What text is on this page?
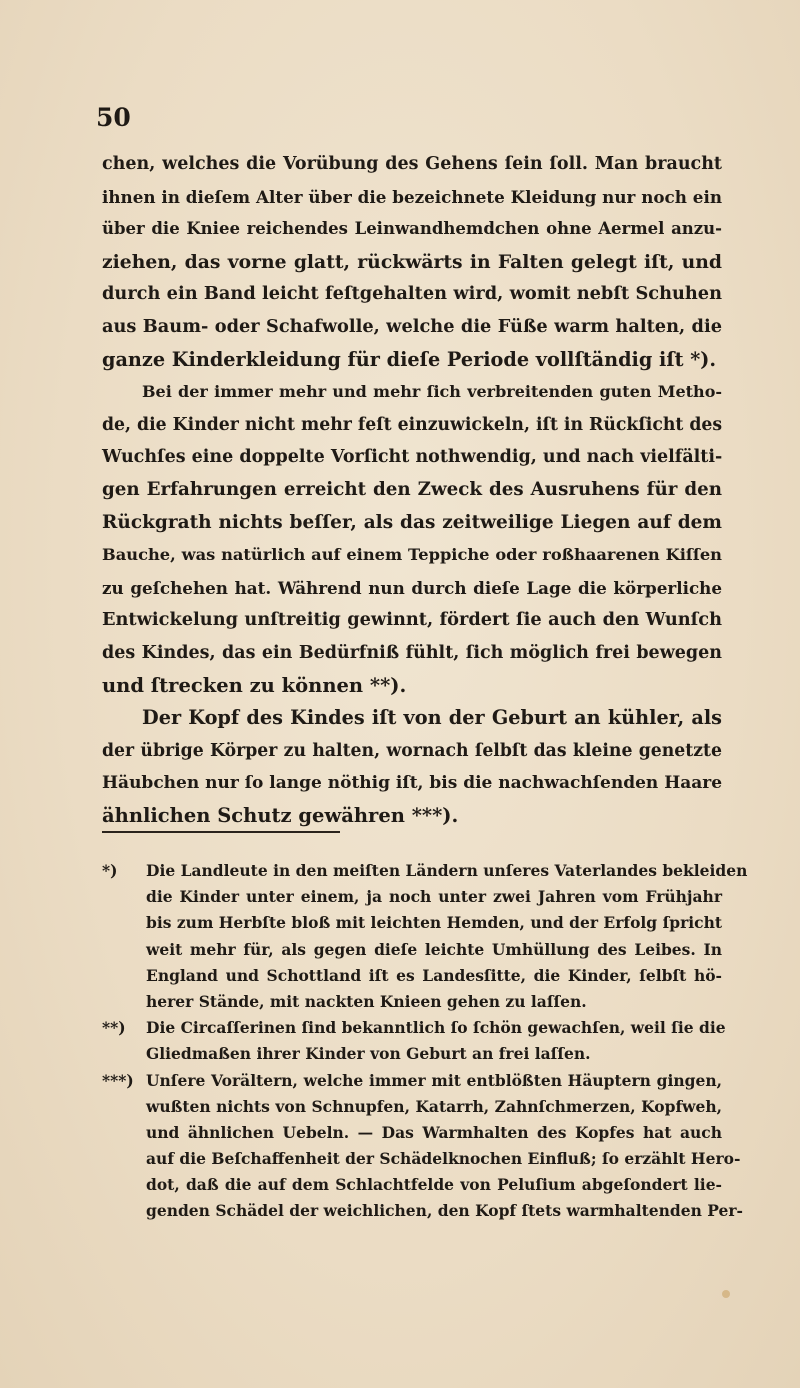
50
chen, welches die Vorübung des Gehens ſein ſoll. Man braucht
ihnen in dieſem Alter über die bezeichnete Kleidung nur noch ein
über die Kniee reichendes Leinwandhemdchen ohne Aermel anzu-
ziehen, das vorne glatt, rückwärts in Falten gelegt iſt, und
durch ein Band leicht feſtgehalten wird, womit nebſt Schuhen
aus Baum- oder Schafwolle, welche die Füße warm halten, die
ganze Kinderkleidung für dieſe Periode vollſtändig iſt *).
Bei der immer mehr und mehr ſich verbreitenden guten Metho-
de, die Kinder nicht mehr feſt einzuwickeln, iſt in Rückſicht des
Wuchſes eine doppelte Vorſicht nothwendig, und nach vielfälti-
gen Erfahrungen erreicht den Zweck des Ausruhens für den
Rückgrath nichts beſſer, als das zeitweilige Liegen auf dem
Bauche, was natürlich auf einem Teppiche oder roßhaarenen Kiſſen
zu geſchehen hat. Während nun durch dieſe Lage die körperliche
Entwickelung unſtreitig gewinnt, fördert ſie auch den Wunſch
des Kindes, das ein Bedürfniß fühlt, ſich möglich frei bewegen
und ſtrecken zu können **).
Der Kopf des Kindes iſt von der Geburt an kühler, als
der übrige Körper zu halten, wornach ſelbſt das kleine genetzte
Häubchen nur ſo lange nöthig iſt, bis die nachwachſenden Haare
ähnlichen Schutz gewähren ***).
*)	Die Landleute in den meiſten Ländern unſeres Vaterlandes bekleiden
die Kinder unter einem, ja noch unter zwei Jahren vom Frühjahr
bis zum Herbſte bloß mit leichten Hemden, und der Erfolg ſpricht
weit mehr für, als gegen dieſe leichte Umhüllung des Leibes. In
England und Schottland iſt es Landesſitte, die Kinder, ſelbſt hö-
herer Stände, mit nackten Knieen gehen zu laſſen.
**)	Die Circaſſerinen ſind bekanntlich ſo ſchön gewachſen, weil ſie die
Gliedmaßen ihrer Kinder von Geburt an frei laſſen.
***) Unſere Vorältern, welche immer mit entblößten Häuptern gingen,
wußten nichts von Schnupfen, Katarrh, Zahnſchmerzen, Kopfweh,
und ähnlichen Uebeln. — Das Warmhalten des Kopfes hat auch
auf die Beſchaffenheit der Schädelknochen Einfluß; ſo erzählt Hero-
dot, daß die auf dem Schlachtfelde von Peluſium abgeſondert lie-
genden Schädel der weichlichen, den Kopf ſtets warmhaltenden Per-
